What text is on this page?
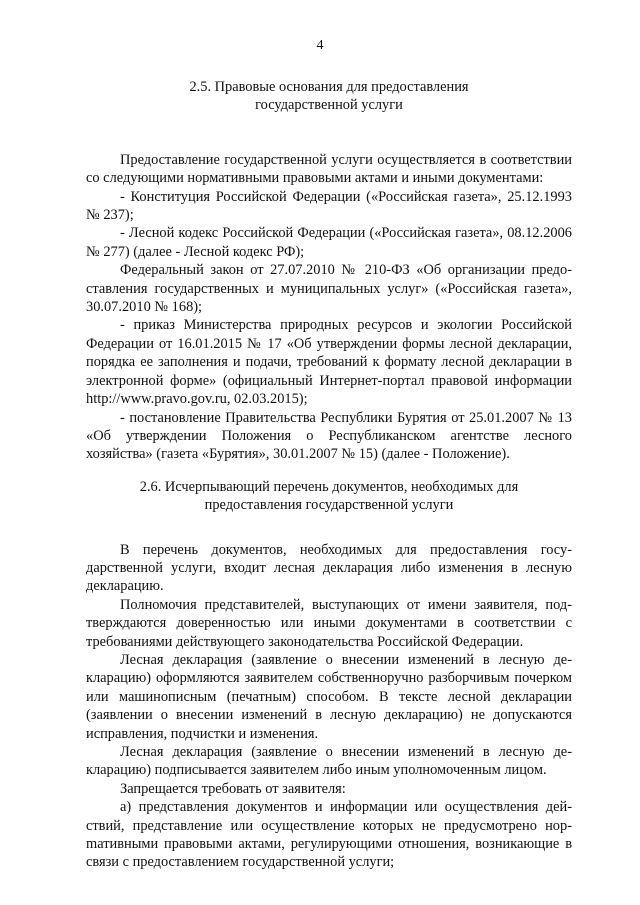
4
2.5. Правовые основания для предоставления
государственной услуги

Предоставление государственной услуги осуществляется в соответствии со следующими нормативными правовыми актами и иными документами:

- Конституция Российской Федерации («Российская газета», 25.12.1993 № 237);

- Лесной кодекс Российской Федерации («Российская газета», 08.12.2006 № 277) (далее - Лесной кодекс РФ);

Федеральный закон от 27.07.2010 № 210-ФЗ «Об организации предоставления государственных и муниципальных услуг» («Российская газета», 30.07.2010 № 168);

- приказ Министерства природных ресурсов и экологии Российской Федерации от 16.01.2015 № 17 «Об утверждении формы лесной декларации, порядка ее заполнения и подачи, требований к формату лесной декларации в электронной форме» (официальный Интернет-портал правовой информации http://www.pravo.gov.ru, 02.03.2015);

- постановление Правительства Республики Бурятия от 25.01.2007 № 13 «Об утверждении Положения о Республиканском агентстве лесного хозяйства» (газета «Бурятия», 30.01.2007 № 15) (далее - Положение).

2.6. Исчерпывающий перечень документов, необходимых для
предоставления государственной услуги

В перечень документов, необходимых для предоставления государственной услуги, входит лесная декларация либо изменения в лесную декларацию.

Полномочия представителей, выступающих от имени заявителя, подтверждаются доверенностью или иными документами в соответствии с требованиями действующего законодательства Российской Федерации.

Лесная декларация (заявление о внесении изменений в лесную декларацию) оформляются заявителем собственноручно разборчивым почерком или машинописным (печатным) способом. В тексте лесной декларации (заявлении о внесении изменений в лесную декларацию) не допускаются исправления, подчистки и изменения.

Лесная декларация (заявление о внесении изменений в лесную декларацию) подписывается заявителем либо иным уполномоченным лицом.

Запрещается требовать от заявителя:

а) представления документов и информации или осуществления действий, представление или осуществление которых не предусмотрено норmативными правовыми актами, регулирующими отношения, возникающие в связи с предоставлением государственной услуги;
